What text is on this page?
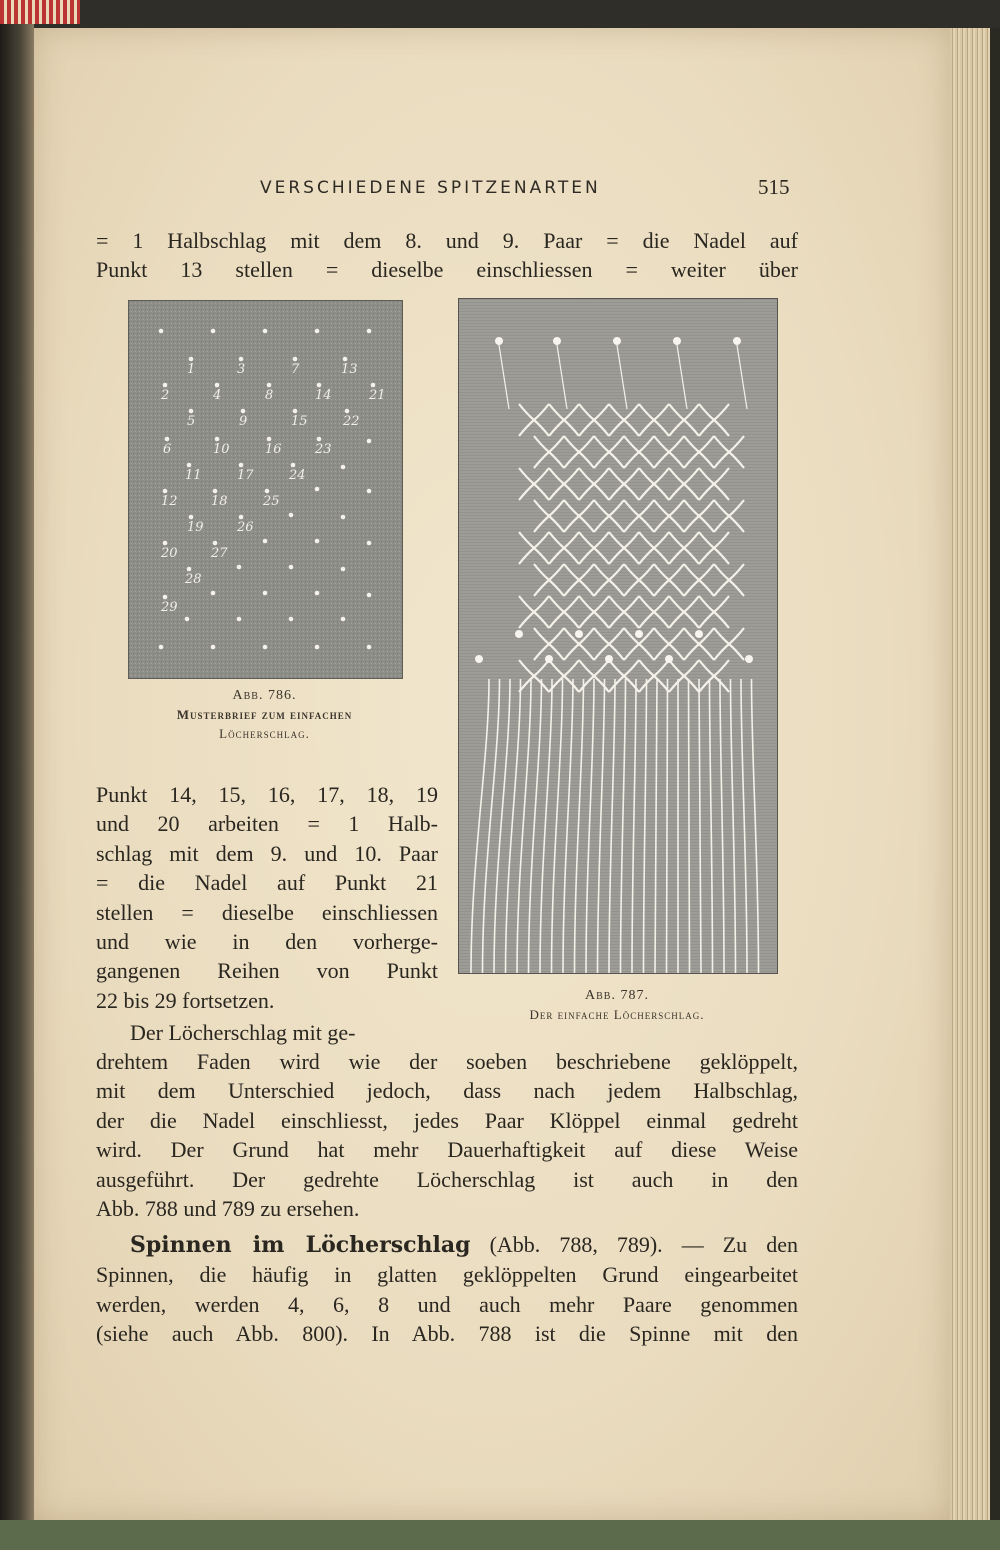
VERSCHIEDENE SPITZENARTEN	515
= 1 Halbschlag mit dem 8. und 9. Paar = die Nadel auf
Punkt 13 stellen = dieselbe einschliessen = weiter über
1	3	7	13
2	4	8	14	21
5	9	15	22
6	10	16	23
11	17	24
12	18	25
19	26
20	27
28
29
Abb. 786.
Musterbrief zum einfachen
Löcherschlag.
Abb. 787.
Der einfache Löcherschlag.
Punkt 14, 15, 16, 17, 18, 19
und 20 arbeiten = 1 Halb-
schlag mit dem 9. und 10. Paar
= die Nadel auf Punkt 21
stellen = dieselbe einschliessen
und wie in den vorherge-
gangenen Reihen von Punkt
22 bis 29 fortsetzen.
Der Löcherschlag mit ge-
drehtem Faden wird wie der soeben beschriebene geklöppelt,
mit dem Unterschied jedoch, dass nach jedem Halbschlag,
der die Nadel einschliesst, jedes Paar Klöppel einmal gedreht
wird. Der Grund hat mehr Dauerhaftigkeit auf diese Weise
ausgeführt. Der gedrehte Löcherschlag ist auch in den
Abb. 788 und 789 zu ersehen.
Spinnen im Löcherschlag (Abb. 788, 789). — Zu den
Spinnen, die häufig in glatten geklöppelten Grund eingearbeitet
werden, werden 4, 6, 8 und auch mehr Paare genommen
(siehe auch Abb. 800). In Abb. 788 ist die Spinne mit den
